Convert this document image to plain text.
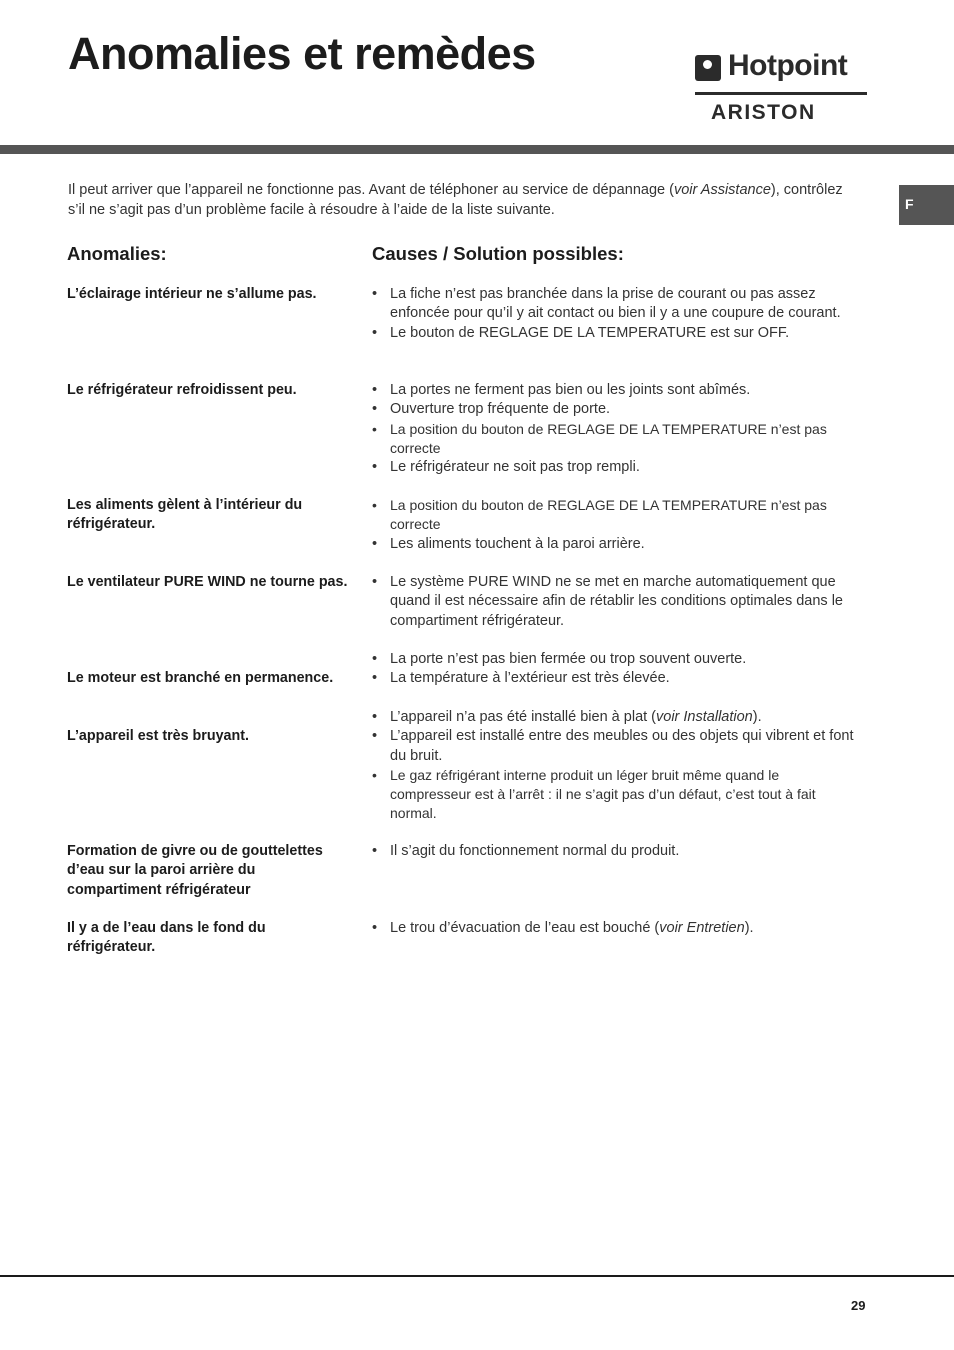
Anomalies et remèdes	Hotpoint
ARISTON
F

Il peut arriver que l’appareil ne fonctionne pas. Avant de téléphoner au service de dépannage (voir Assistance), contrôlez s’il ne s’agit pas d’un problème facile à résoudre à l’aide de la liste suivante.

Anomalies:	Causes / Solution possibles:
L’éclairage intérieur ne s’allume pas.	• La fiche n’est pas branchée dans la prise de courant ou pas assez enfoncée pour qu’il y ait contact ou bien il y a une coupure de courant.
• Le bouton de REGLAGE DE LA TEMPERATURE est sur OFF.
Le réfrigérateur refroidissent peu.	• La portes ne ferment pas bien ou les joints sont abîmés.
• Ouverture trop fréquente de porte.
• La position du bouton de REGLAGE DE LA TEMPERATURE n’est pas correcte
• Le réfrigérateur ne soit pas trop rempli.
Les aliments gèlent à l’intérieur du réfrigérateur.
• La position du bouton de REGLAGE DE LA TEMPERATURE n’est pas correcte
• Les aliments touchent à la paroi arrière.
Le ventilateur PURE WIND ne tourne pas.	• Le système PURE WIND ne se met en marche automatiquement que quand il est nécessaire afin de rétablir les conditions optimales dans le compartiment réfrigérateur.
Le moteur est branché en permanence.
• La porte n’est pas bien fermée ou trop souvent ouverte.
• La température à l’extérieur est très élevée.
L’appareil est très bruyant.
• L’appareil n’a pas été installé bien à plat (voir Installation).
• L’appareil est installé entre des meubles ou des objets qui vibrent et font du bruit.
• Le gaz réfrigérant interne produit un léger bruit même quand le compresseur est à l’arrêt : il ne s’agit pas d’un défaut, c’est tout à fait normal.
Formation de givre ou de gouttelettes d’eau sur la paroi arrière du compartiment réfrigérateur
• Il s’agit du fonctionnement normal du produit.
Il y a de l’eau dans le fond du réfrigérateur.
• Le trou d’évacuation de l’eau est bouché (voir Entretien).
29
